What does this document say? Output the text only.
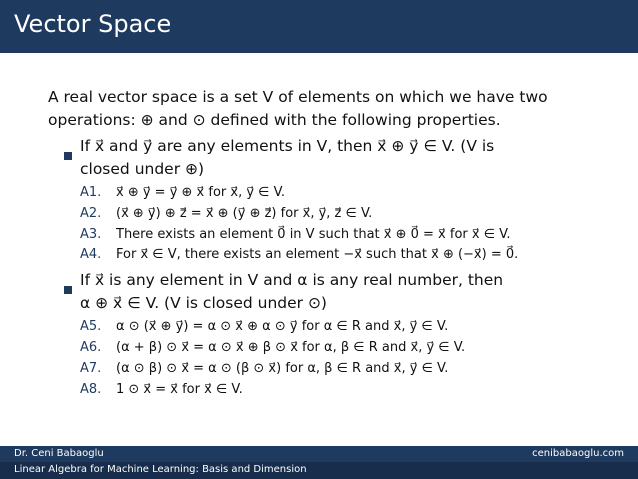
Vector Space
A real vector space is a set V of elements on which we have two
operations: ⊕ and ⊙ defined with the following properties.
If x⃗ and y⃗ are any elements in V, then x⃗ ⊕ y⃗ ∈ V. (V is
closed under ⊕)
A1. x⃗ ⊕ y⃗ = y⃗ ⊕ x⃗ for x⃗, y⃗ ∈ V.
A2. (x⃗ ⊕ y⃗) ⊕ z⃗ = x⃗ ⊕ (y⃗ ⊕ z⃗) for x⃗, y⃗, z⃗ ∈ V.
A3. There exists an element 0⃗ in V such that x⃗ ⊕ 0⃗ = x⃗ for x⃗ ∈ V.
A4. For x⃗ ∈ V, there exists an element −x⃗ such that x⃗ ⊕ (−x⃗) = 0⃗.
If x⃗ is any element in V and α is any real number, then
α ⊕ x⃗ ∈ V. (V is closed under ⊙)
A5. α ⊙ (x⃗ ⊕ y⃗) = α ⊙ x⃗ ⊕ α ⊙ y⃗ for α ∈ R and x⃗, y⃗ ∈ V.
A6. (α + β) ⊙ x⃗ = α ⊙ x⃗ ⊕ β ⊙ x⃗ for α, β ∈ R and x⃗, y⃗ ∈ V.
A7. (α ⊙ β) ⊙ x⃗ = α ⊙ (β ⊙ x⃗) for α, β ∈ R and x⃗, y⃗ ∈ V.
A8. 1 ⊙ x⃗ = x⃗ for x⃗ ∈ V.
Dr. Ceni Babaoglu	cenibabaoglu.com
Linear Algebra for Machine Learning: Basis and Dimension
